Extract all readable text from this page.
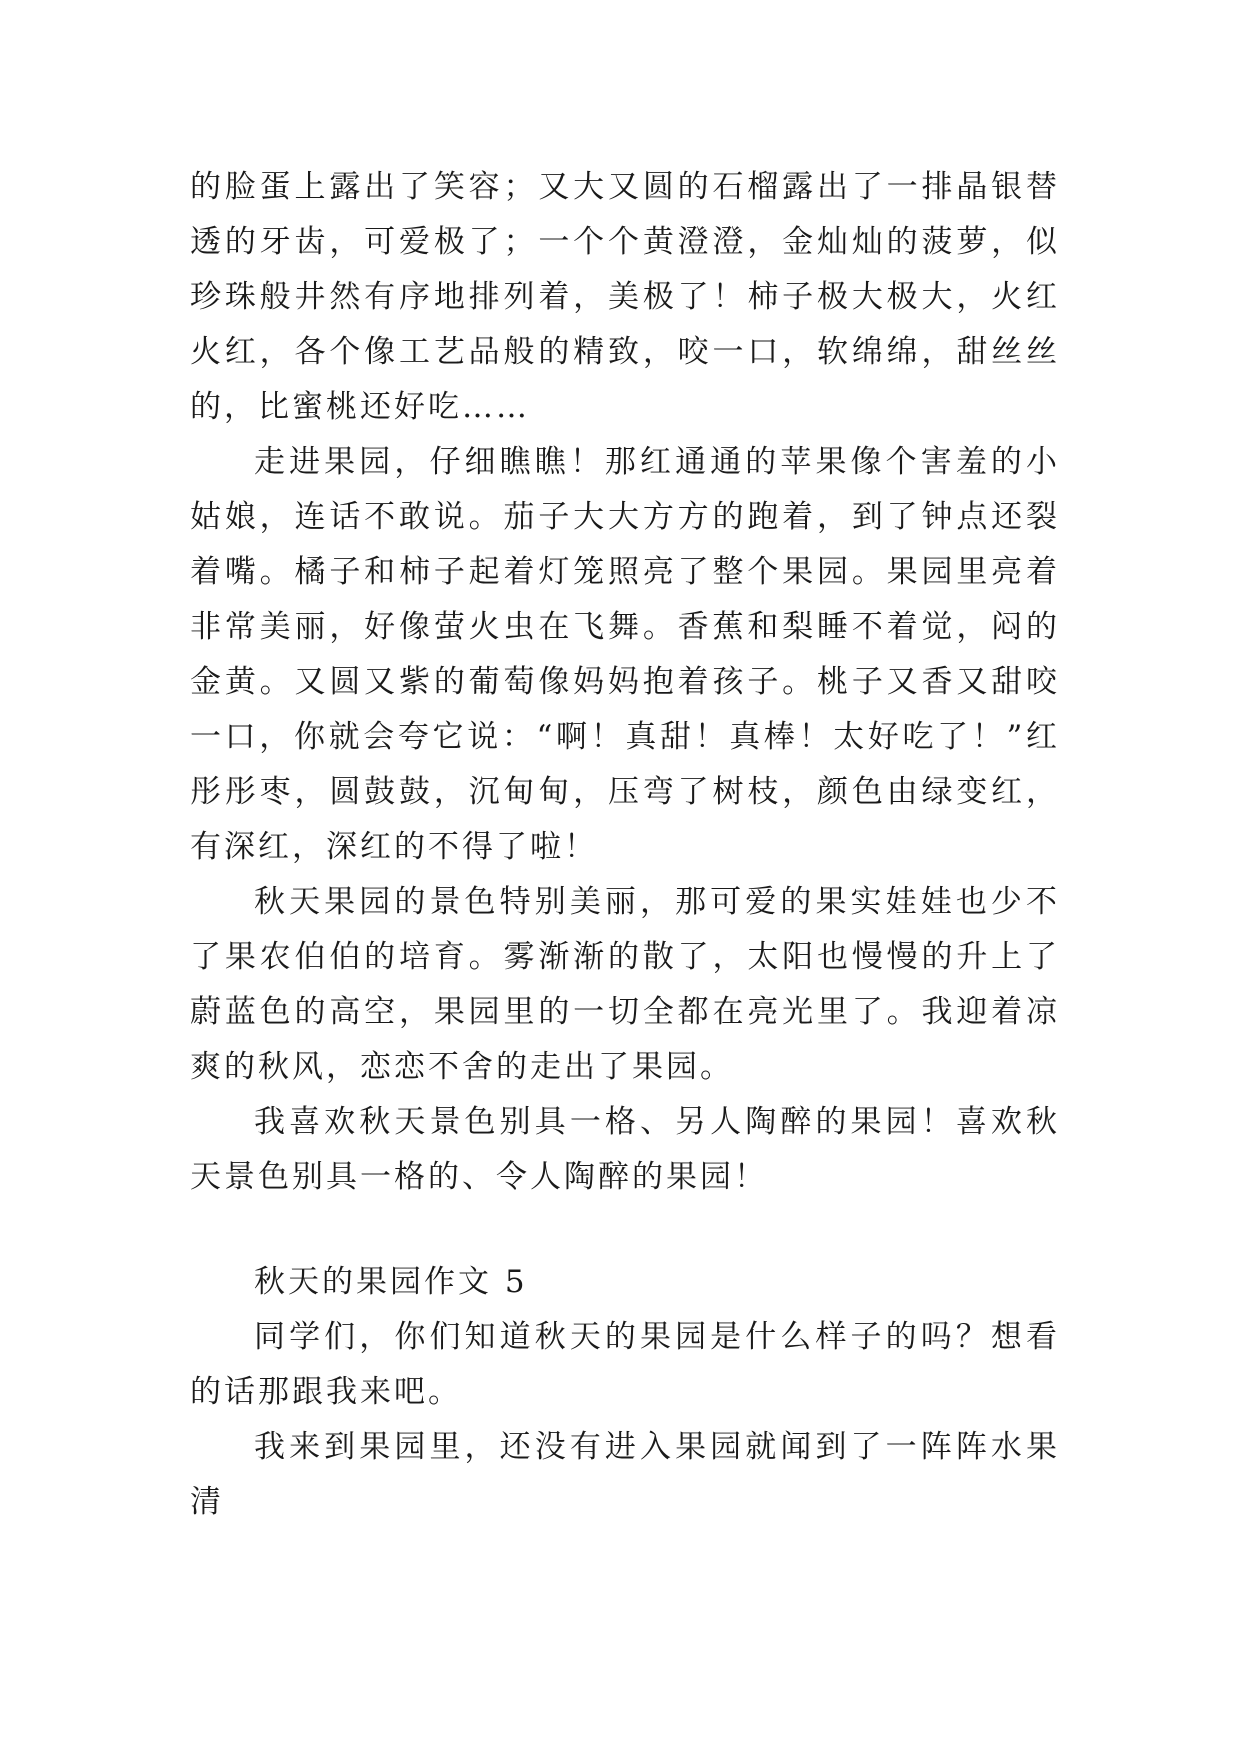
的脸蛋上露出了笑容；又大又圆的石榴露出了一排晶银替透的牙齿，可爱极了；一个个黄澄澄，金灿灿的菠萝，似珍珠般井然有序地排列着，美极了！柿子极大极大，火红火红，各个像工艺品般的精致，咬一口，软绵绵，甜丝丝的，比蜜桃还好吃……

走进果园，仔细瞧瞧！那红通通的苹果像个害羞的小姑娘，连话不敢说。茄子大大方方的跑着，到了钟点还裂着嘴。橘子和柿子起着灯笼照亮了整个果园。果园里亮着非常美丽，好像萤火虫在飞舞。香蕉和梨睡不着觉，闷的金黄。又圆又紫的葡萄像妈妈抱着孩子。桃子又香又甜咬一口，你就会夸它说：“啊！真甜！真棒！太好吃了！”红彤彤枣，圆鼓鼓，沉甸甸，压弯了树枝，颜色由绿变红，有深红，深红的不得了啦！

秋天果园的景色特别美丽，那可爱的果实娃娃也少不了果农伯伯的培育。雾渐渐的散了，太阳也慢慢的升上了蔚蓝色的高空，果园里的一切全都在亮光里了。我迎着凉爽的秋风，恋恋不舍的走出了果园。

我喜欢秋天景色别具一格、另人陶醉的果园！喜欢秋天景色别具一格的、令人陶醉的果园！

秋天的果园作文 5

同学们，你们知道秋天的果园是什么样子的吗？想看的话那跟我来吧。

我来到果园里，还没有进入果园就闻到了一阵阵水果清
